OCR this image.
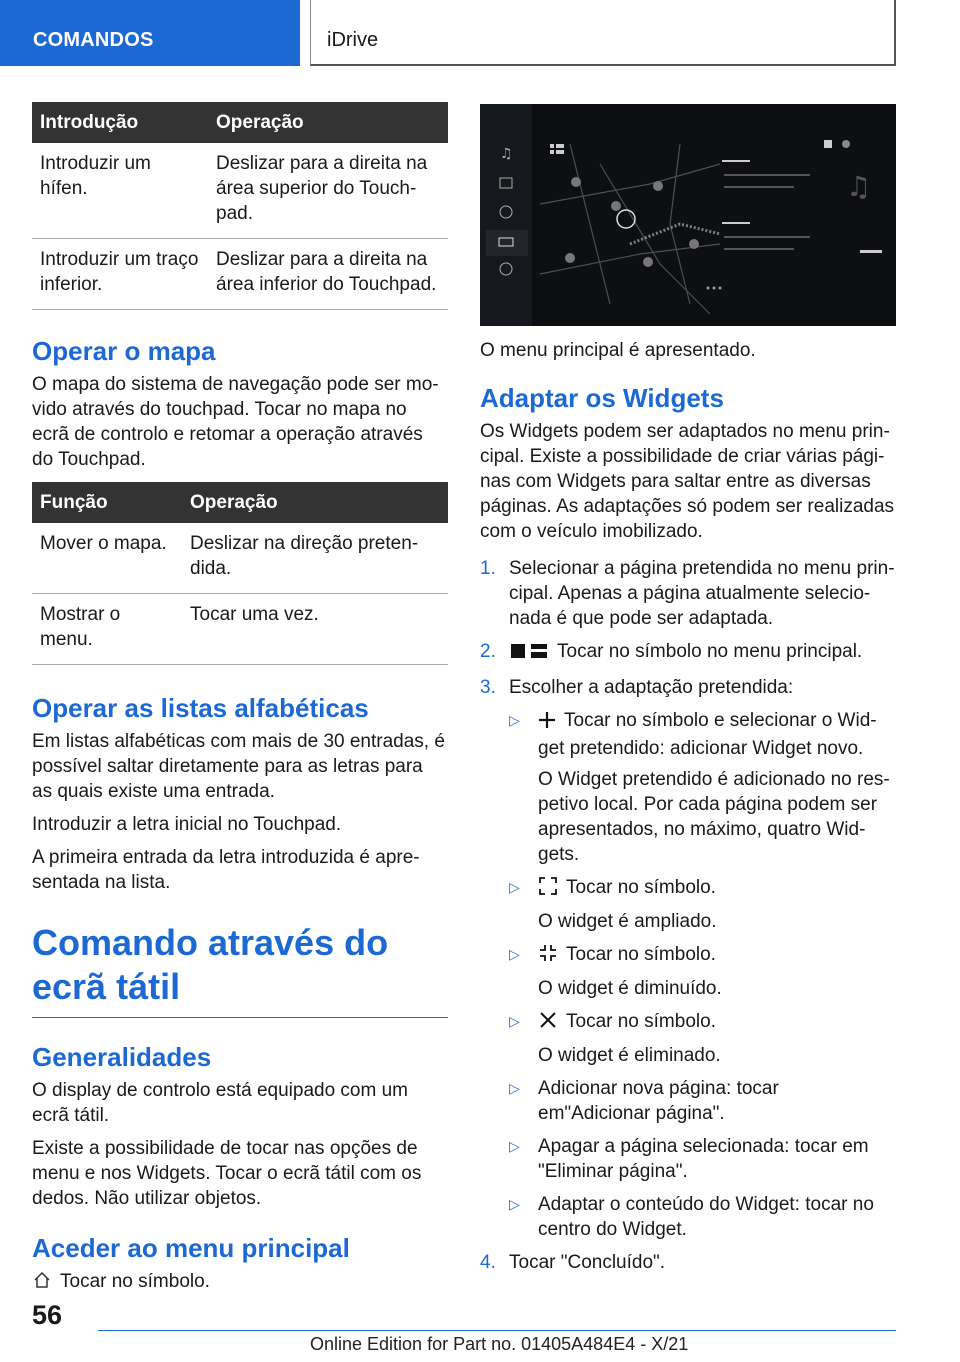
COMANDOS	iDrive
Introdução	Operação
Introduzir um hífen.	Deslizar para a direita na área superior do Touchpad.
Introduzir um traço inferior.	Deslizar para a direita na área inferior do Touchpad.
Operar o mapa

O mapa do sistema de navegação pode ser movido através do touchpad. Tocar no mapa no ecrã de controlo e retomar a operação através do Touchpad.

Função	Operação
Mover o mapa.	Deslizar na direção pretendida.
Mostrar o menu.	Tocar uma vez.
Operar as listas alfabéticas

Em listas alfabéticas com mais de 30 entradas, é possível saltar diretamente para as letras para as quais existe uma entrada.

Introduzir a letra inicial no Touchpad.

A primeira entrada da letra introduzida é apresentada na lista.

Comando através do ecrã tátil
Generalidades

O display de controlo está equipado com um ecrã tátil.

Existe a possibilidade de tocar nas opções de menu e nos Widgets. Tocar o ecrã tátil com os dedos. Não utilizar objetos.

Aceder ao menu principal

Tocar no símbolo.

♫
♫

O menu principal é apresentado.

Adaptar os Widgets

Os Widgets podem ser adaptados no menu principal. Existe a possibilidade de criar várias páginas com Widgets para saltar entre as diversas páginas. As adaptações só podem ser realizadas com o veículo imobilizado.

1. Selecionar a página pretendida no menu principal. Apenas a página atualmente selecionada é que pode ser adaptada.
2.	Tocar no símbolo no menu principal.
3. Escolher a adaptação pretendida:
▷ Tocar no símbolo e selecionar o Widget pretendido: adicionar Widget novo.

O Widget pretendido é adicionado no respetivo local. Por cada página podem ser apresentados, no máximo, quatro Widgets.

▷ Tocar no símbolo.

O widget é ampliado.

▷ Tocar no símbolo.

O widget é diminuído.

▷ Tocar no símbolo.

O widget é eliminado.

▷ Adicionar nova página: tocar em"Adicionar página".
▷ Apagar a página selecionada: tocar em "Eliminar página".
▷ Adaptar o conteúdo do Widget: tocar no centro do Widget.
4. Tocar "Concluído".
56
Online Edition for Part no. 01405A484E4 - X/21
